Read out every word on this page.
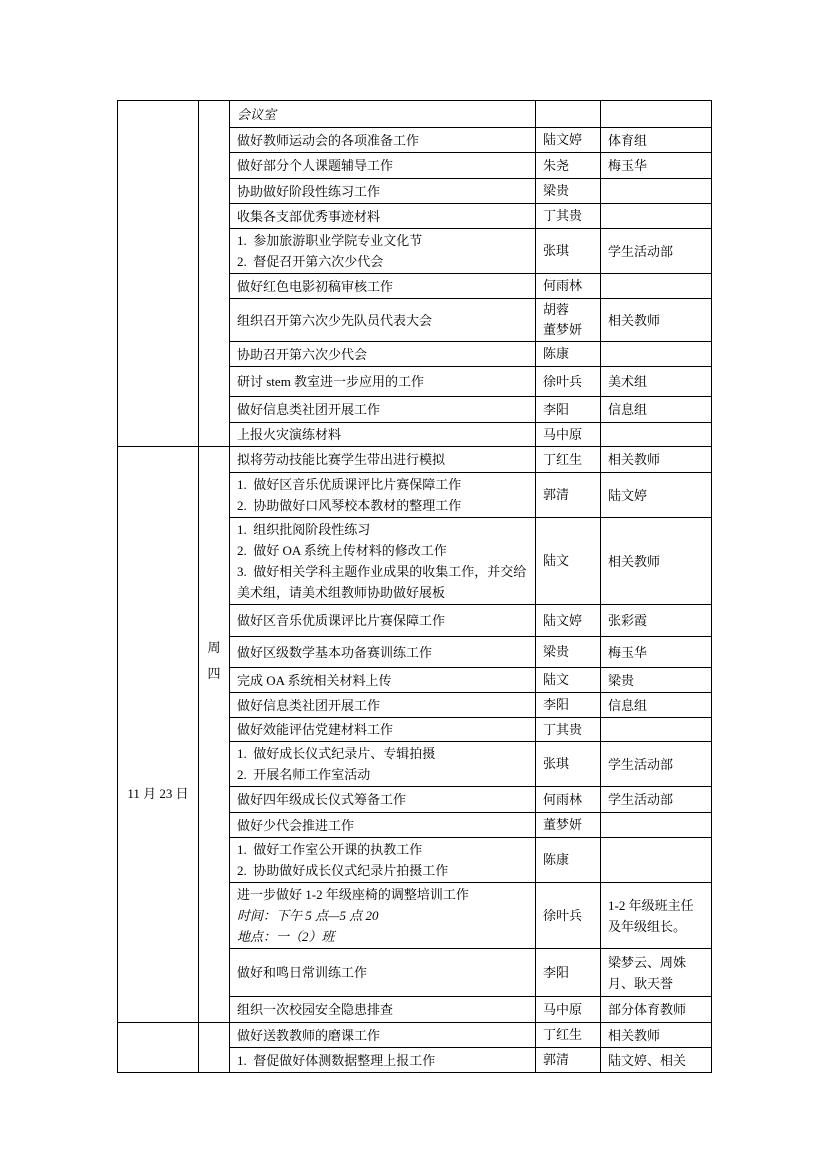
		会议室		

		做好教师运动会的各项准备工作	陆文婷	体育组

		做好部分个人课题辅导工作	朱尧	梅玉华

		协助做好阶段性练习工作	梁贵	

		收集各支部优秀事迹材料	丁其贵	

		1.  参加旅游职业学院专业文化节
2.  督促召开第六次少代会	张琪	学生活动部

		做好红色电影初稿审核工作	何雨林	

		组织召开第六次少先队员代表大会	胡蓉
董梦妍	相关教师

		协助召开第六次少代会	陈康	

		研讨 stem 教室进一步应用的工作	徐叶兵	美术组

		做好信息类社团开展工作	李阳	信息组

		上报火灾演练材料	马中原	

11 月 23 日	周四	拟将劳动技能比赛学生带出进行模拟	丁红生	相关教师

		1.  做好区音乐优质课评比片赛保障工作
2.  协助做好口风琴校本教材的整理工作	郭清	陆文婷

		1.  组织批阅阶段性练习
2.  做好 OA 系统上传材料的修改工作
3.  做好相关学科主题作业成果的收集工作，并交给美术组，请美术组教师协助做好展板	陆文	相关教师

		做好区音乐优质课评比片赛保障工作	陆文婷	张彩霞

		做好区级数学基本功备赛训练工作	梁贵	梅玉华

		完成 OA 系统相关材料上传	陆文	梁贵

		做好信息类社团开展工作	李阳	信息组

		做好效能评估党建材料工作	丁其贵	

		1.  做好成长仪式纪录片、专辑拍摄
2.  开展名师工作室活动	张琪	学生活动部

		做好四年级成长仪式筹备工作	何雨林	学生活动部

		做好少代会推进工作	董梦妍	

		1.  做好工作室公开课的执教工作
2.  协助做好成长仪式纪录片拍摄工作	陈康	

		进一步做好 1-2 年级座椅的调整培训工作
时间：下午 5 点—5 点 20
地点：一（2）班	徐叶兵	1-2 年级班主任及年级组长。

		做好和鸣日常训练工作	李阳	梁梦云、周姝月、耿天誉

		组织一次校园安全隐患排查	马中原	部分体育教师

		做好送教教师的磨课工作	丁红生	相关教师

		1.  督促做好体测数据整理上报工作	郭清	陆文婷、相关
